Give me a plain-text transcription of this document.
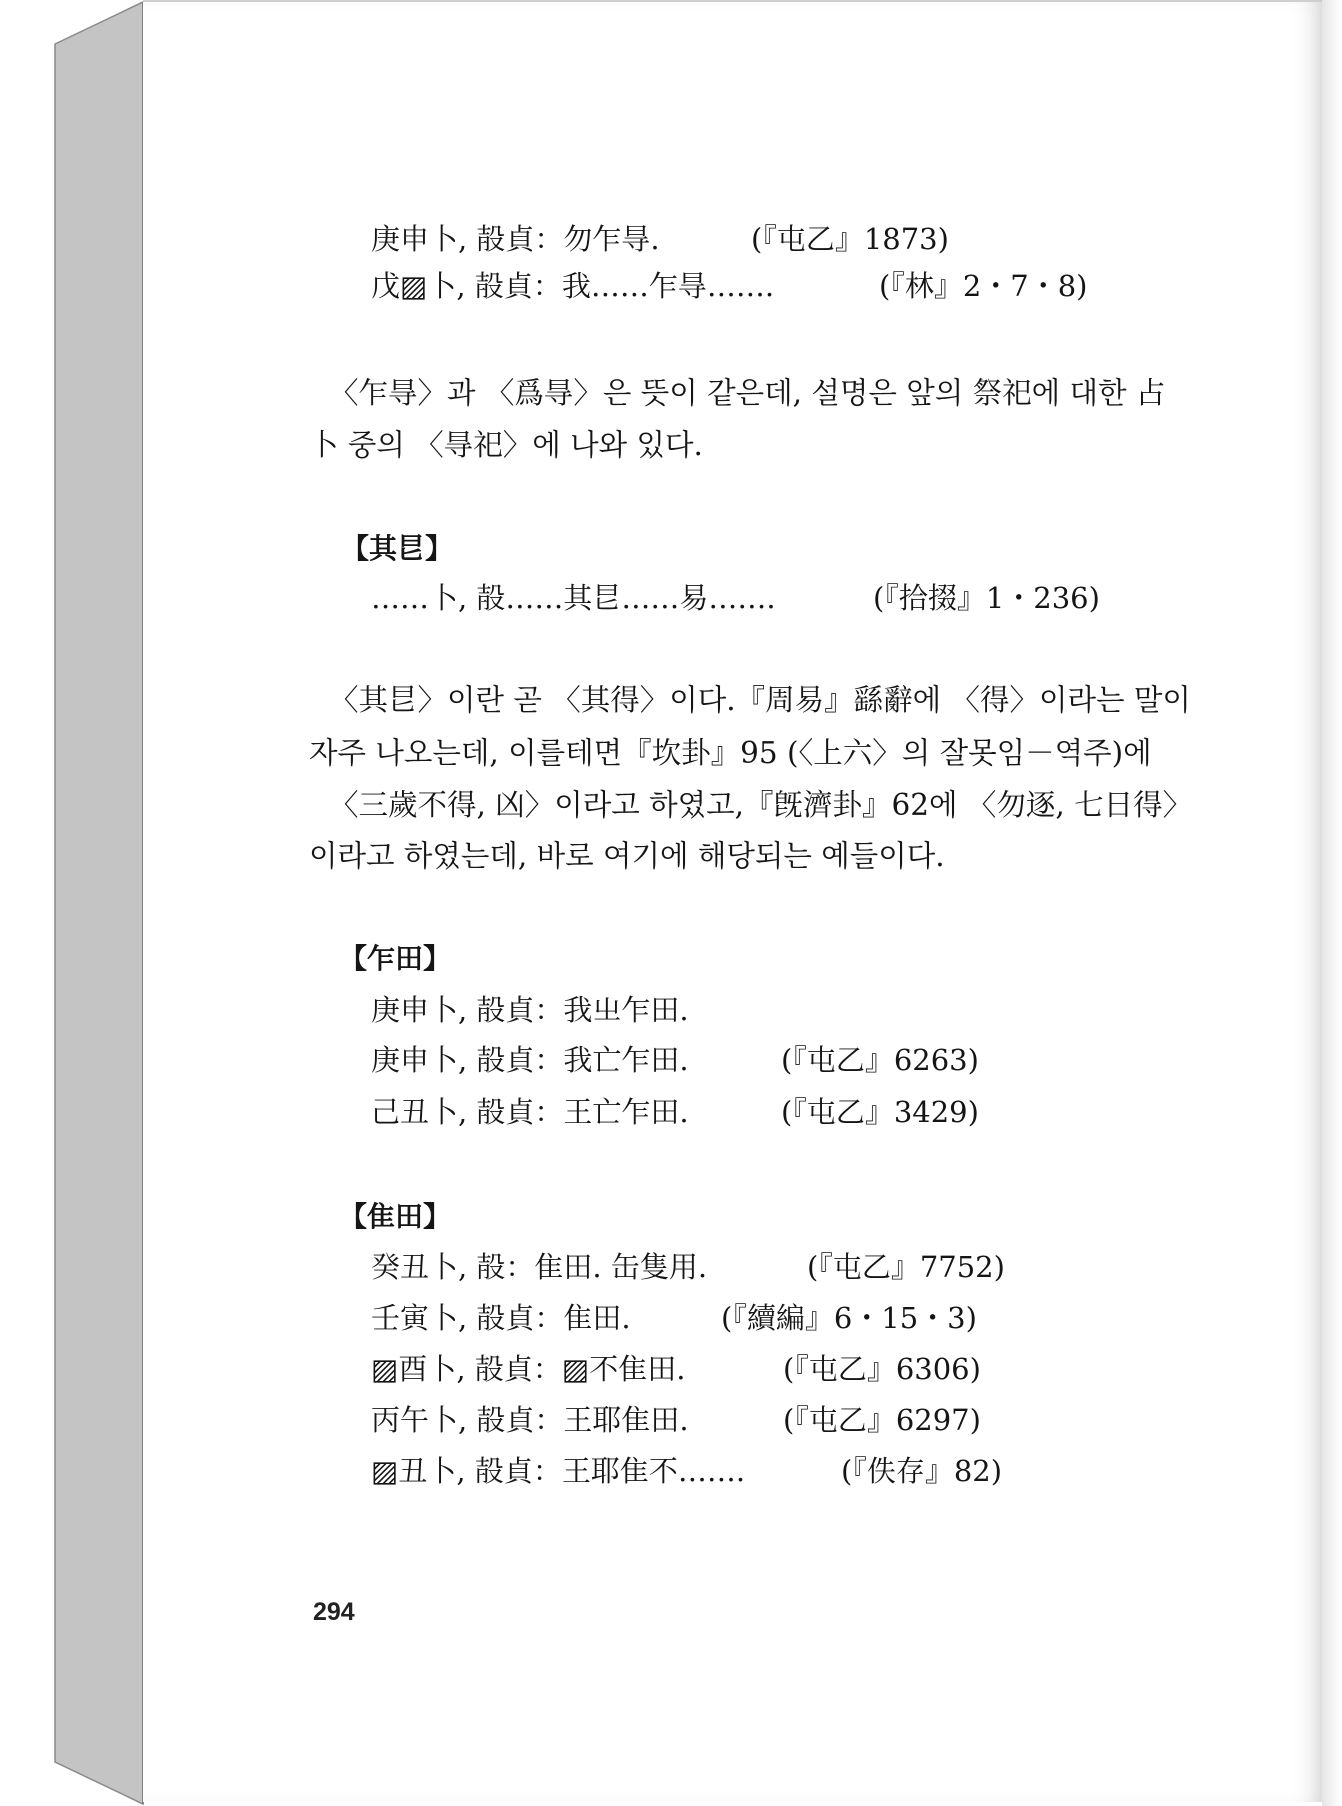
庚申卜, 㱿貞：勿乍㝵.	(『屯乙』1873)
戊▨卜, 㱿貞：我……乍㝵…….	(『林』2・7・8)
〈乍㝵〉과 〈爲㝵〉은 뜻이 같은데, 설명은 앞의 祭祀에 대한 占
卜 중의 〈㝵祀〉에 나와 있다.
【其㫐】
……卜, 㱿……其㫐……易…….	(『拾掇』1・236)
〈其㫐〉이란 곧 〈其得〉이다.『周易』繇辭에 〈得〉이라는 말이
자주 나오는데, 이를테면『坎卦』95 (〈上六〉의 잘못임－역주)에
〈三歲不得, 凶〉이라고 하였고,『旣濟卦』62에 〈勿逐, 七日得〉
이라고 하였는데, 바로 여기에 해당되는 예들이다.
【乍田】
庚申卜, 㱿貞：我㞢乍田.
庚申卜, 㱿貞：我亡乍田.	(『屯乙』6263)
己丑卜, 㱿貞：王亡乍田.	(『屯乙』3429)
【隹田】
癸丑卜, 㱿：隹田. 缶隻用.	(『屯乙』7752)
壬寅卜, 㱿貞：隹田.	(『續編』6・15・3)
▨酉卜, 㱿貞：▨不隹田.	(『屯乙』6306)
丙午卜, 㱿貞：王耶隹田.	(『屯乙』6297)
▨丑卜, 㱿貞：王耶隹不…….	(『佚存』82)
294
